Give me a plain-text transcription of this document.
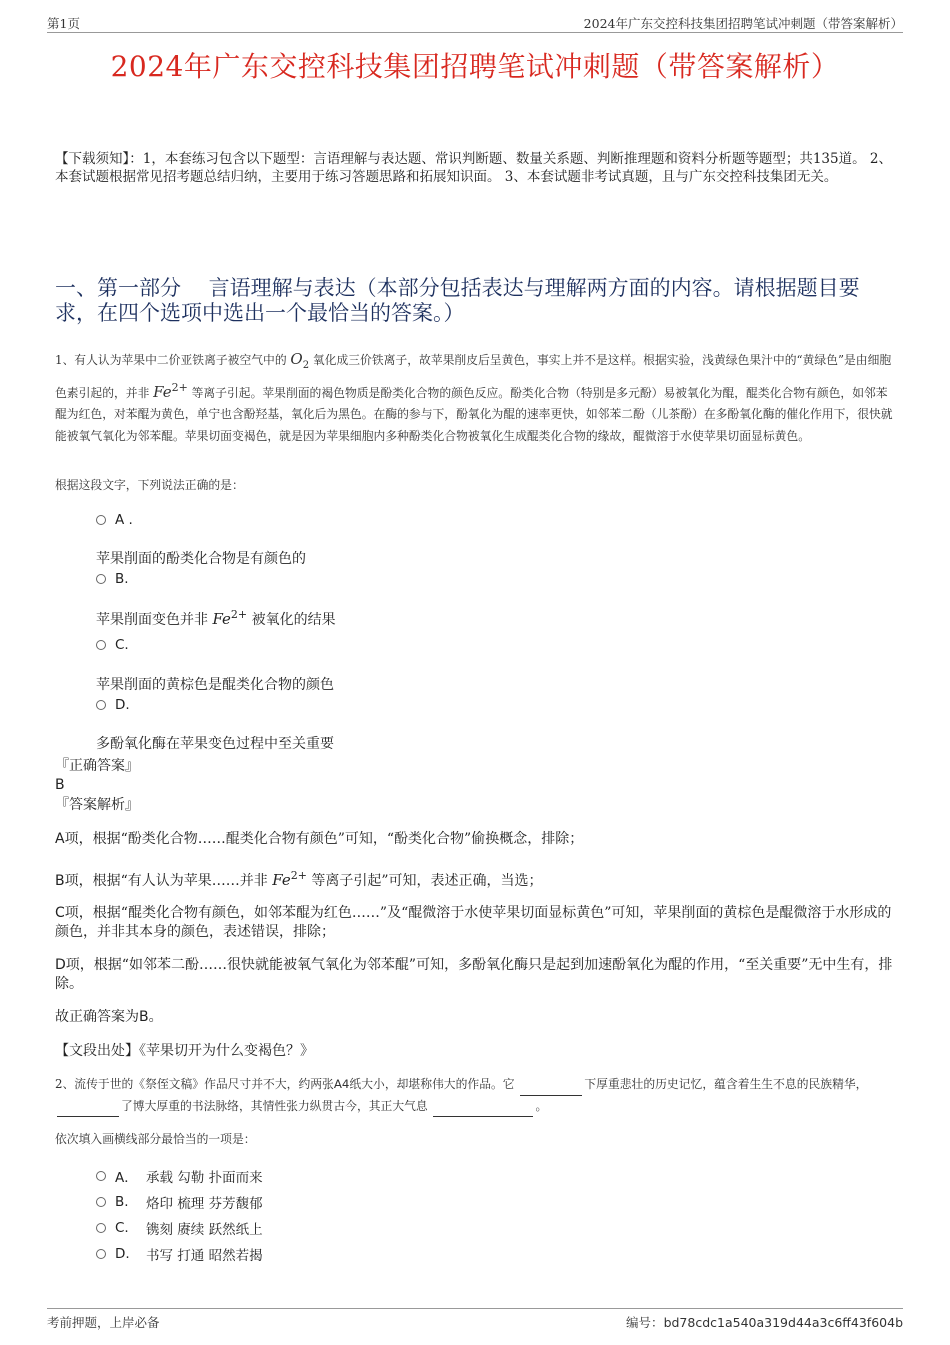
第1页	2024年广东交控科技集团招聘笔试冲刺题（带答案解析）
2024年广东交控科技集团招聘笔试冲刺题（带答案解析）
【下载须知】：1，本套练习包含以下题型：言语理解与表达题、常识判断题、数量关系题、判断推理题和资料分析题等题型；共135道。 2、本套试题根据常见招考题总结归纳，主要用于练习答题思路和拓展知识面。 3、本套试题非考试真题，且与广东交控科技集团无关。
一、第一部分　 言语理解与表达（本部分包括表达与理解两方面的内容。请根据题目要求，在四个选项中选出一个最恰当的答案。）
1、有人认为苹果中二价亚铁离子被空气中的 $O_2$ 氧化成三价铁离子，故苹果削皮后呈黄色，事实上并不是这样。根据实验，浅黄绿色果汁中的“黄绿色”是由细胞色素引起的，并非 $Fe^{2+}$ 等离子引起。苹果削面的褐色物质是酚类化合物的颜色反应。酚类化合物（特别是多元酚）易被氧化为醌，醌类化合物有颜色，如邻苯醌为红色，对苯醌为黄色，单宁也含酚羟基，氧化后为黑色。在酶的参与下，酚氧化为醌的速率更快，如邻苯二酚（儿茶酚）在多酚氧化酶的催化作用下，很快就能被氧气氧化为邻苯醌。苹果切面变褐色，就是因为苹果细胞内多种酚类化合物被氧化生成醌类化合物的缘故，醌微溶于水使苹果切面显标黄色。
根据这段文字，下列说法正确的是：
A .
苹果削面的酚类化合物是有颜色的
B.
苹果削面变色并非 $Fe^{2+}$ 被氧化的结果
C.
苹果削面的黄棕色是醌类化合物的颜色
D.
多酚氧化酶在苹果变色过程中至关重要
『正确答案』
B
『答案解析』
A项，根据“酚类化合物……醌类化合物有颜色”可知，“酚类化合物”偷换概念，排除；
B项，根据“有人认为苹果……并非 $Fe^{2+}$ 等离子引起”可知，表述正确，当选；
C项，根据“醌类化合物有颜色，如邻苯醌为红色……”及“醌微溶于水使苹果切面显标黄色”可知，苹果削面的黄棕色是醌微溶于水形成的颜色，并非其本身的颜色，表述错误，排除；
D项，根据“如邻苯二酚……很快就能被氧气氧化为邻苯醌”可知，多酚氧化酶只是起到加速酚氧化为醌的作用，“至关重要”无中生有，排除。
故正确答案为B。
【文段出处】《苹果切开为什么变褐色？》
2、流传于世的《祭侄文稿》作品尺寸并不大，约两张A4纸大小，却堪称伟大的作品。它	下厚重悲壮的历史记忆，蕴含着生生不息的民族精华， 了博大厚重的书法脉络，其情性张力纵贯古今，其正大气息	。
依次填入画横线部分最恰当的一项是：
A． 承载 勾勒 扑面而来
B.	烙印 梳理 芬芳馥郁
C.	镌刻 赓续 跃然纸上
D.	书写 打通 昭然若揭
考前押题，上岸必备	编号：bd78cdc1a540a319d44a3c6ff43f604b
